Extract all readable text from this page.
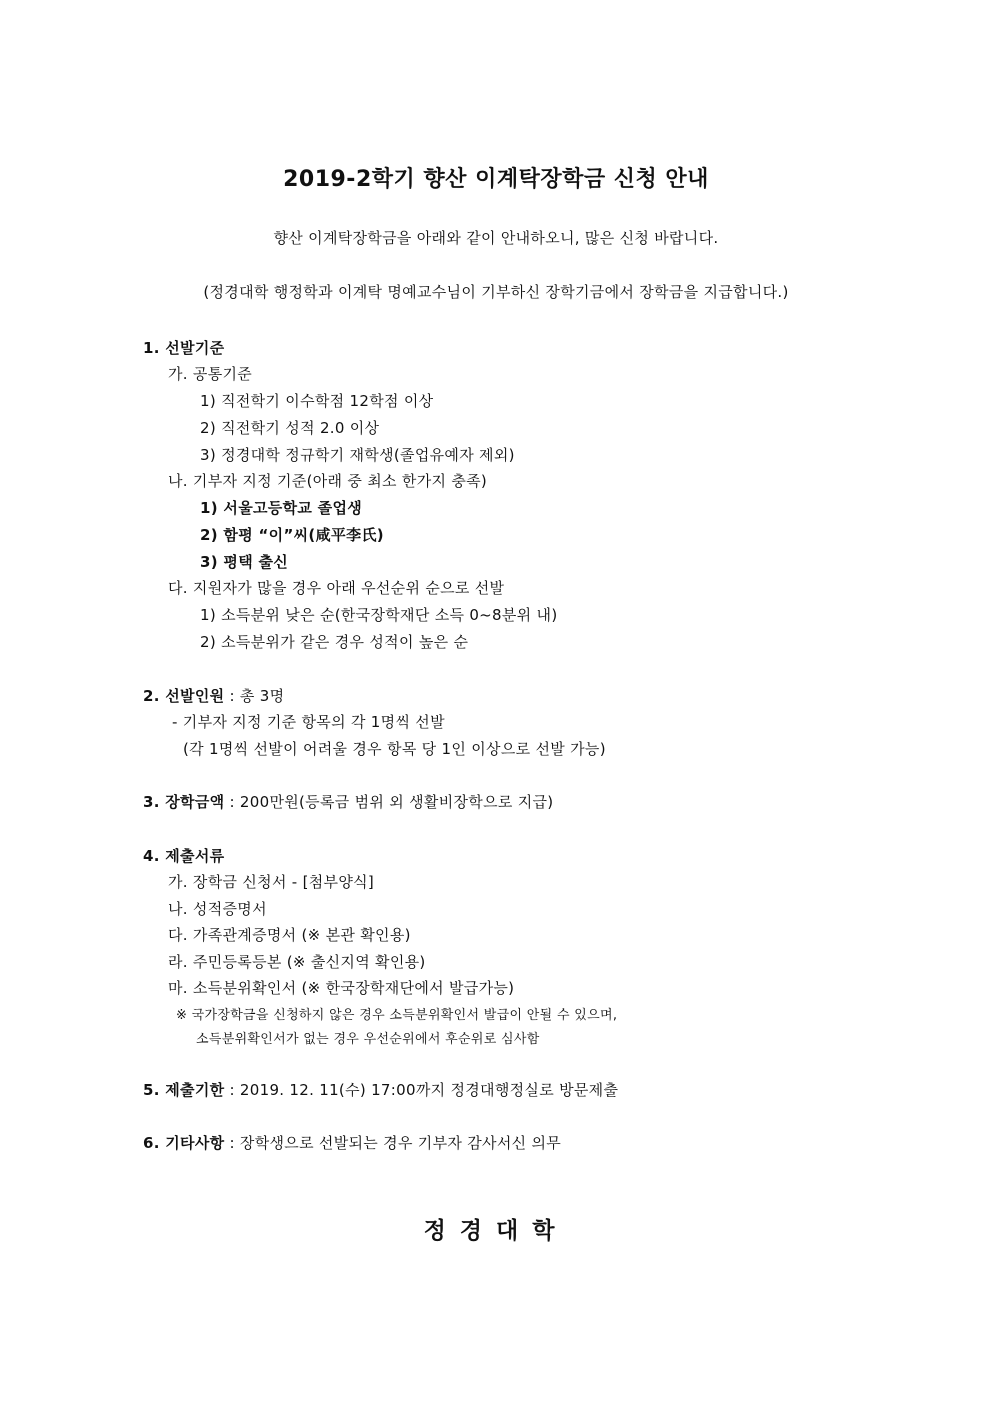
2019-2학기 향산 이계탁장학금 신청 안내
향산 이계탁장학금을 아래와 같이 안내하오니, 많은 신청 바랍니다.
(정경대학 행정학과 이계탁 명예교수님이 기부하신 장학기금에서 장학금을 지급합니다.)
1. 선발기준
가. 공통기준
1) 직전학기 이수학점 12학점 이상
2) 직전학기 성적 2.0 이상
3) 정경대학 정규학기 재학생(졸업유예자 제외)
나. 기부자 지정 기준(아래 중 최소 한가지 충족)
1) 서울고등학교 졸업생
2) 함평 “이”씨(咸平李氏)
3) 평택 출신
다. 지원자가 많을 경우 아래 우선순위 순으로 선발
1) 소득분위 낮은 순(한국장학재단 소득 0~8분위 내)
2) 소득분위가 같은 경우 성적이 높은 순
2. 선발인원 : 총 3명
- 기부자 지정 기준 항목의 각 1명씩 선발
(각 1명씩 선발이 어려울 경우 항목 당 1인 이상으로 선발 가능)
3. 장학금액 : 200만원(등록금 범위 외 생활비장학으로 지급)
4. 제출서류
가. 장학금 신청서 - [첨부양식]
나. 성적증명서
다. 가족관계증명서 (※ 본관 확인용)
라. 주민등록등본 (※ 출신지역 확인용)
마. 소득분위확인서 (※ 한국장학재단에서 발급가능)
※ 국가장학금을 신청하지 않은 경우 소득분위확인서 발급이 안될 수 있으며,
소득분위확인서가 없는 경우 우선순위에서 후순위로 심사함
5. 제출기한 : 2019. 12. 11(수) 17:00까지 정경대행정실로 방문제출
6. 기타사항 : 장학생으로 선발되는 경우 기부자 감사서신 의무
정경대학
